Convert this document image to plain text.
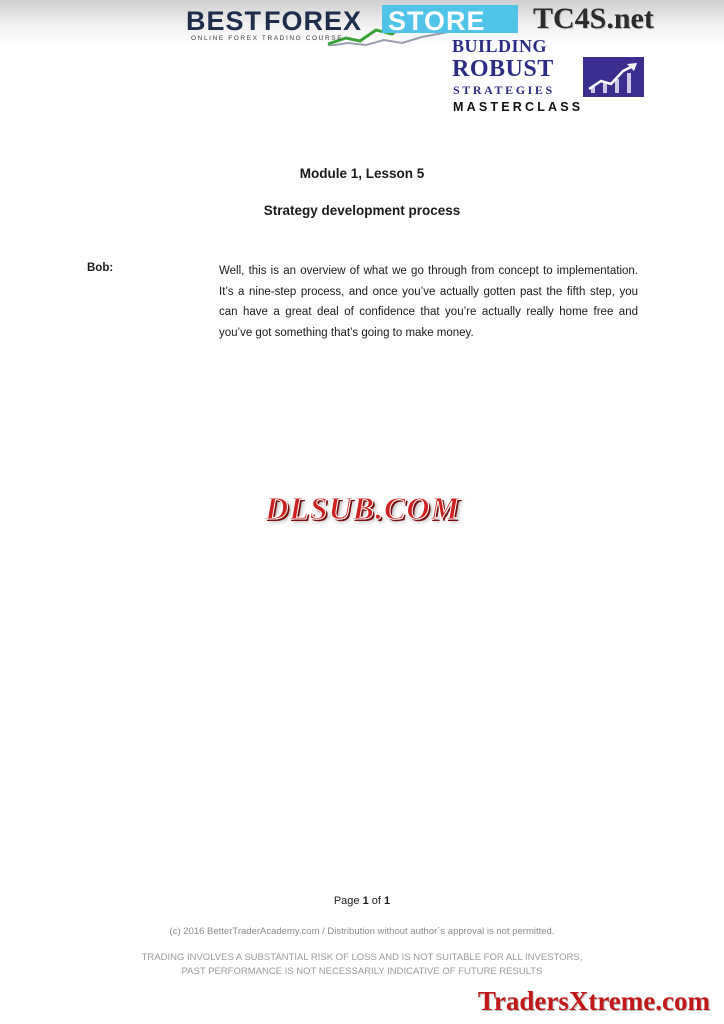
BEST FOREX STORE
ONLINE FOREX TRADING COURSE
TC4S.net
BUILDING
ROBUST
STRATEGIES
MASTERCLASS
Module 1, Lesson 5
Strategy development process
Bob:	Well, this is an overview of what we go through from concept to implementation. It’s a nine-step process, and once you’ve actually gotten past the fifth step, you can have a great deal of confidence that you’re actually really home free and you’ve got something that’s going to make money.
DLSUB.COM
Page 1 of 1
(c) 2016 BetterTraderAcademy.com / Distribution without author´s approval is not permitted.
TRADING INVOLVES A SUBSTANTIAL RISK OF LOSS AND IS NOT SUITABLE FOR ALL INVESTORS,
PAST PERFORMANCE IS NOT NECESSARILY INDICATIVE OF FUTURE RESULTS
TradersXtreme.com
